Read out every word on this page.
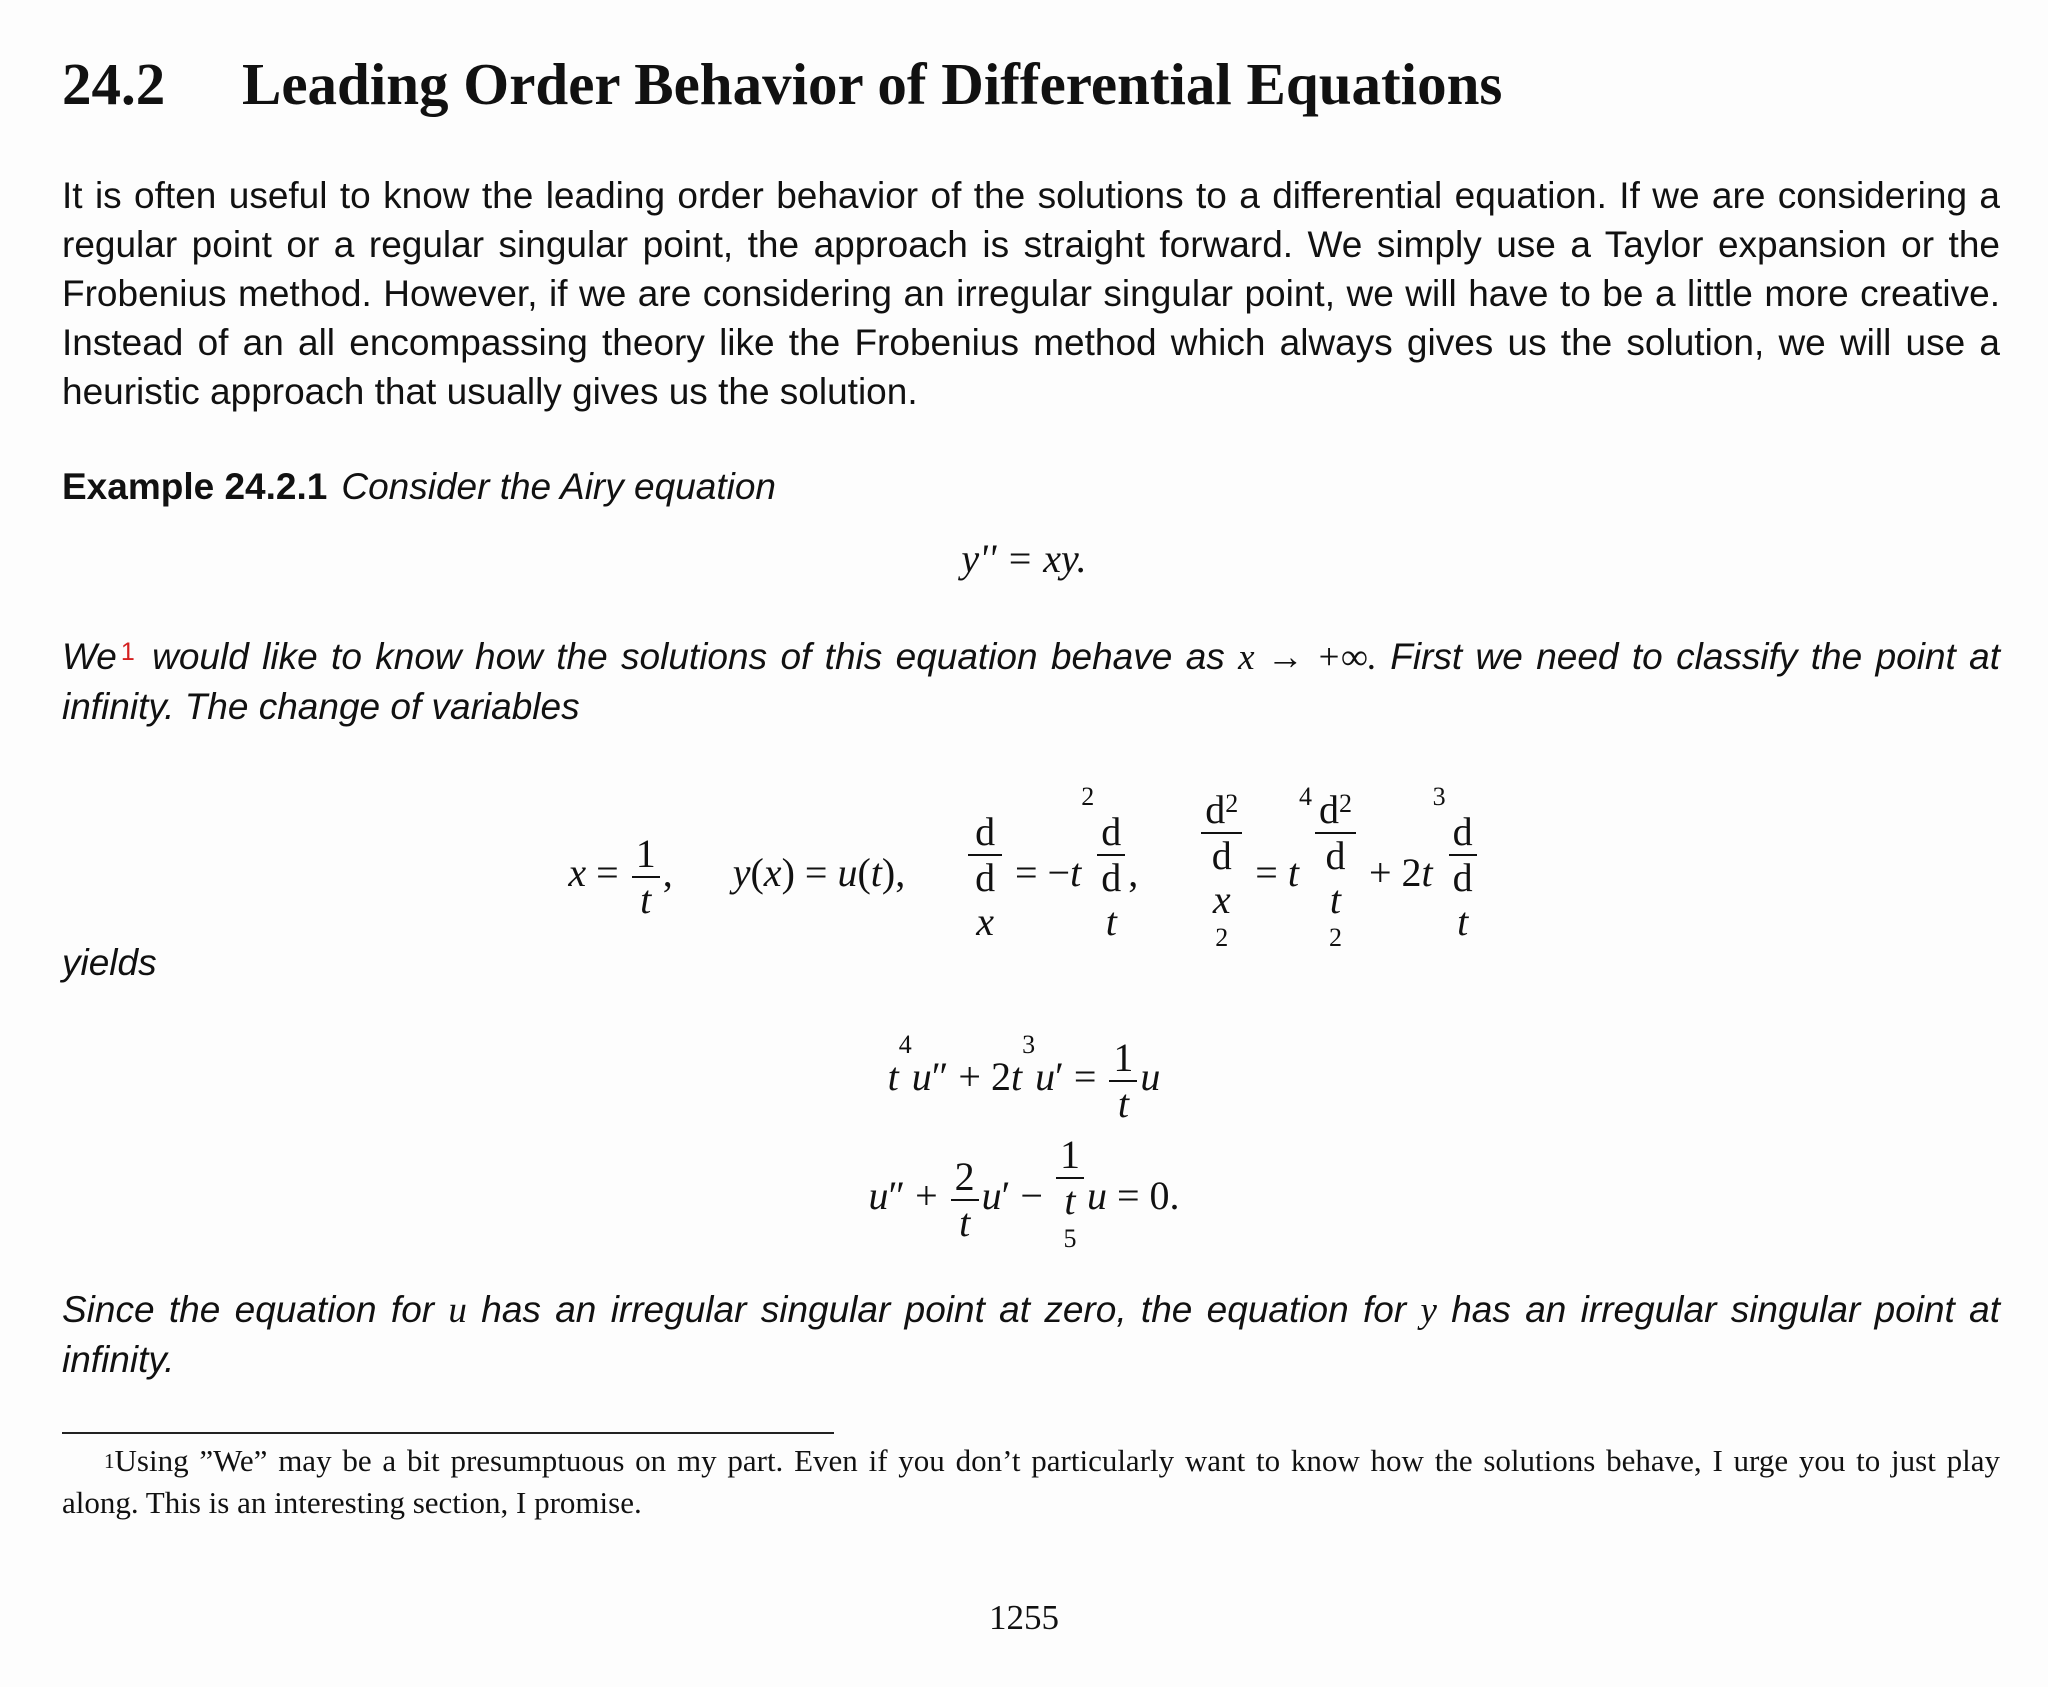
24.2 Leading Order Behavior of Differential Equations
It is often useful to know the leading order behavior of the solutions to a differential equation. If we are considering a regular point or a regular singular point, the approach is straight forward. We simply use a Taylor expansion or the Frobenius method. However, if we are considering an irregular singular point, we will have to be a little more creative. Instead of an all encompassing theory like the Frobenius method which always gives us the solution, we will use a heuristic approach that usually gives us the solution.
Example 24.2.1 Consider the Airy equation
y'' = xy.
We $^1$ would like to know how the solutions of this equation behave as x → +∞. First we need to classify the point at infinity. The change of variables
$x = \frac{1}{t}$ ,  y(x) = u(t), d
d
$x = -t^2$
d
d
t , $d^2$
d
x
$^2 = t^4$ $d^2$
d
t
$^2 + 2t^3$
d
d
t
yields
$t^4u'' + 2t^3u' = \frac{1}{t}$ u
$u'' + \frac{2}{t} u' - 1$
t
$^5$ u = 0.
Since the equation for u has an irregular singular point at zero, the equation for y has an irregular singular point at infinity.
$^1$Using ”We” may be a bit presumptuous on my part. Even if you don’t particularly want to know how the solutions behave, I urge you to just play along. This is an interesting section, I promise.
1255
